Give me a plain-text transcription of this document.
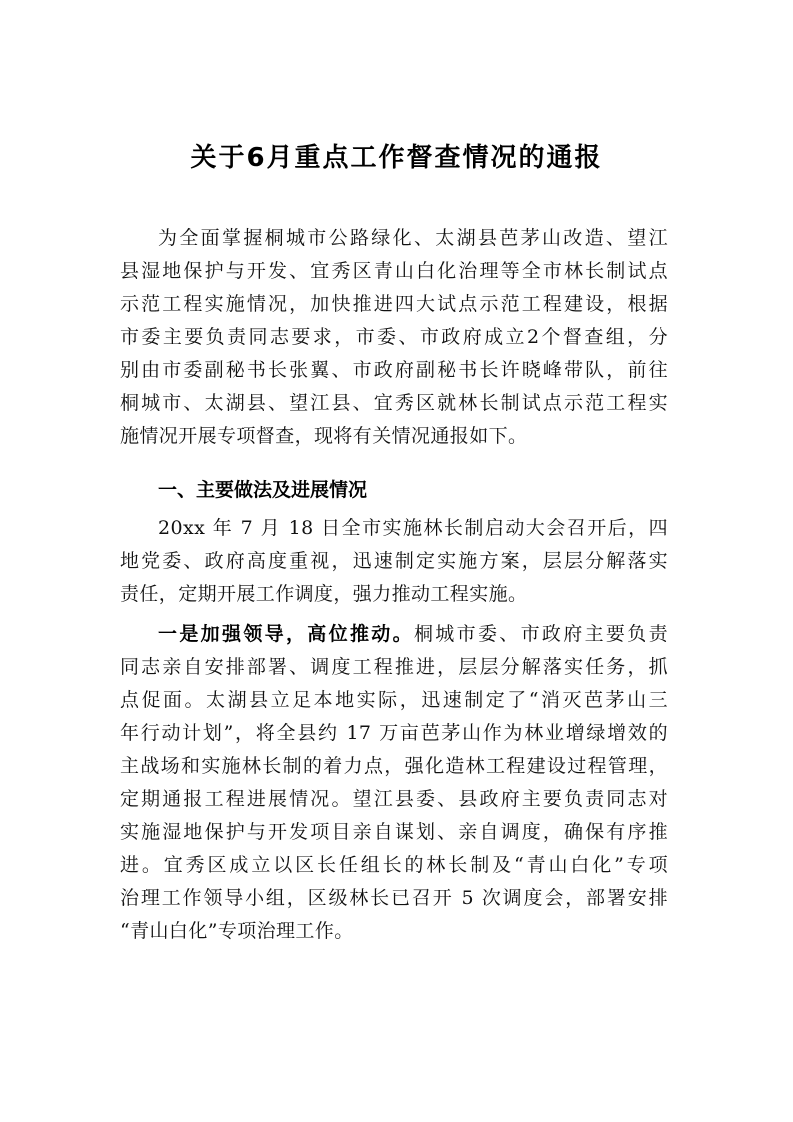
关于6月重点工作督查情况的通报
为全面掌握桐城市公路绿化、太湖县芭茅山改造、望江
县湿地保护与开发、宜秀区青山白化治理等全市林长制试点
示范工程实施情况，加快推进四大试点示范工程建设，根据
市委主要负责同志要求，市委、市政府成立2个督查组，分
别由市委副秘书长张翼、市政府副秘书长许晓峰带队，前往
桐城市、太湖县、望江县、宜秀区就林长制试点示范工程实
施情况开展专项督查，现将有关情况通报如下。
一、主要做法及进展情况
20xx 年 7 月 18 日全市实施林长制启动大会召开后，四
地党委、政府高度重视，迅速制定实施方案，层层分解落实
责任，定期开展工作调度，强力推动工程实施。
一是加强领导，高位推动。桐城市委、市政府主要负责
同志亲自安排部署、调度工程推进，层层分解落实任务，抓
点促面。太湖县立足本地实际，迅速制定了“消灭芭茅山三
年行动计划”，将全县约 17 万亩芭茅山作为林业增绿增效的
主战场和实施林长制的着力点，强化造林工程建设过程管理，
定期通报工程进展情况。望江县委、县政府主要负责同志对
实施湿地保护与开发项目亲自谋划、亲自调度，确保有序推
进。宜秀区成立以区长任组长的林长制及“青山白化”专项
治理工作领导小组，区级林长已召开 5 次调度会，部署安排
“青山白化”专项治理工作。
